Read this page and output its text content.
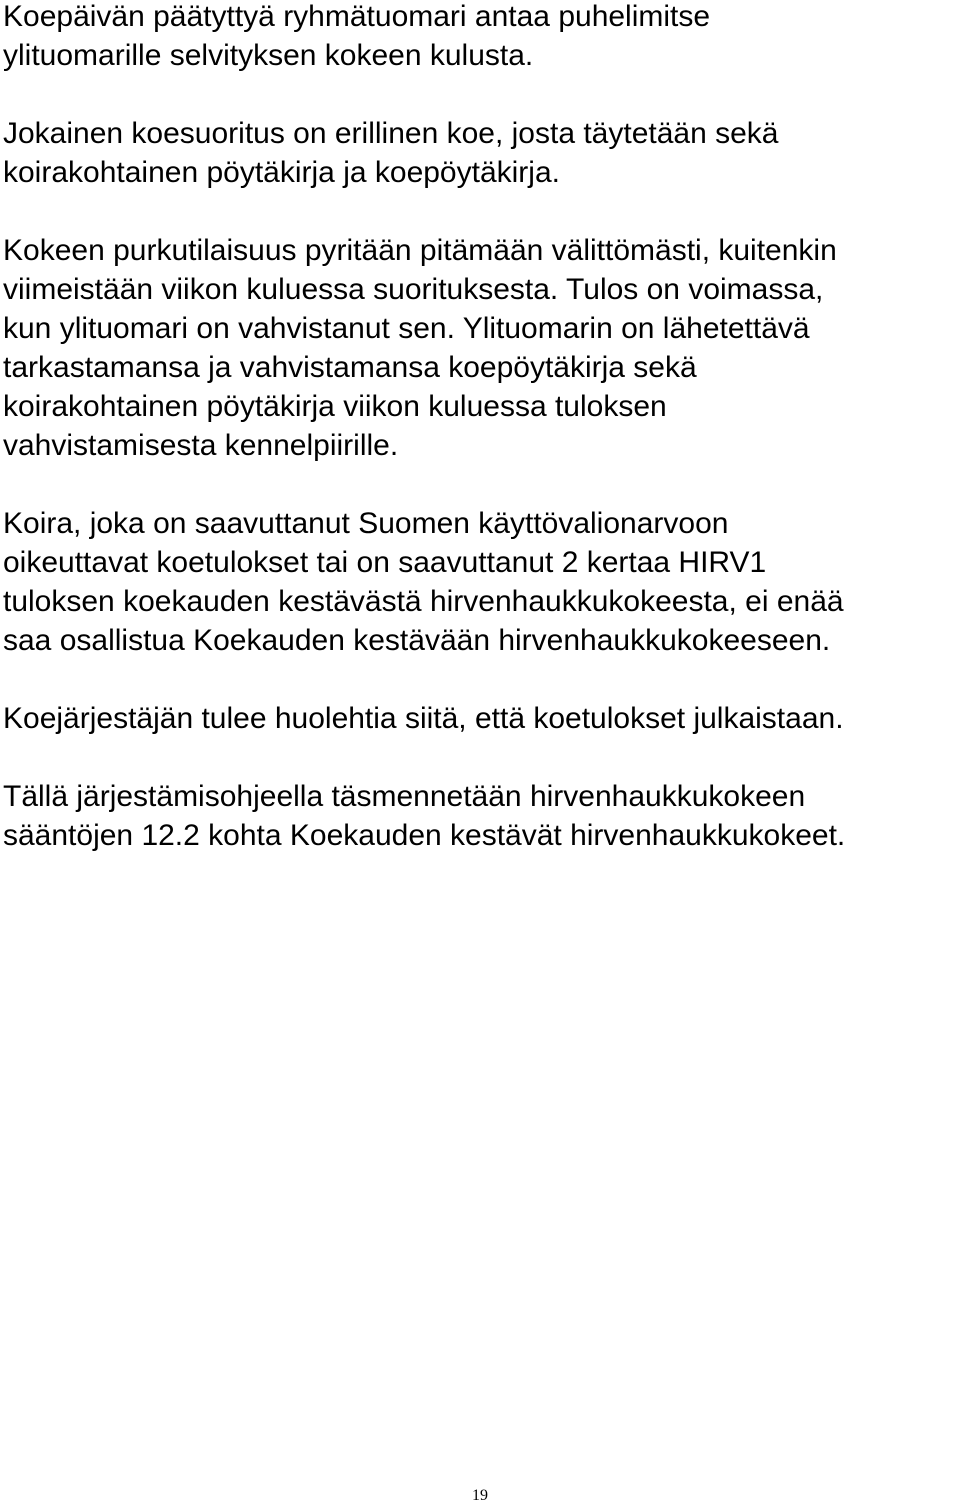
Koepäivän päätyttyä ryhmätuomari antaa puhelimitse
ylituomarille selvityksen kokeen kulusta.

Jokainen koesuoritus on erillinen koe, josta täytetään sekä
koirakohtainen pöytäkirja ja koepöytäkirja.

Kokeen purkutilaisuus pyritään pitämään välittömästi, kuitenkin
viimeistään viikon kuluessa suorituksesta. Tulos on voimassa,
kun ylituomari on vahvistanut sen. Ylituomarin on lähetettävä
tarkastamansa ja vahvistamansa koepöytäkirja sekä
koirakohtainen pöytäkirja viikon kuluessa tuloksen
vahvistamisesta kennelpiirille.

Koira, joka on saavuttanut Suomen käyttövalionarvoon
oikeuttavat koetulokset tai on saavuttanut 2 kertaa HIRV1
tuloksen koekauden kestävästä hirvenhaukkukokeesta, ei enää
saa osallistua Koekauden kestävään hirvenhaukkukokeeseen.

Koejärjestäjän tulee huolehtia siitä, että koetulokset julkaistaan.

Tällä järjestämisohjeella täsmennetään hirvenhaukkukokeen
sääntöjen 12.2 kohta Koekauden kestävät hirvenhaukkukokeet.

19
